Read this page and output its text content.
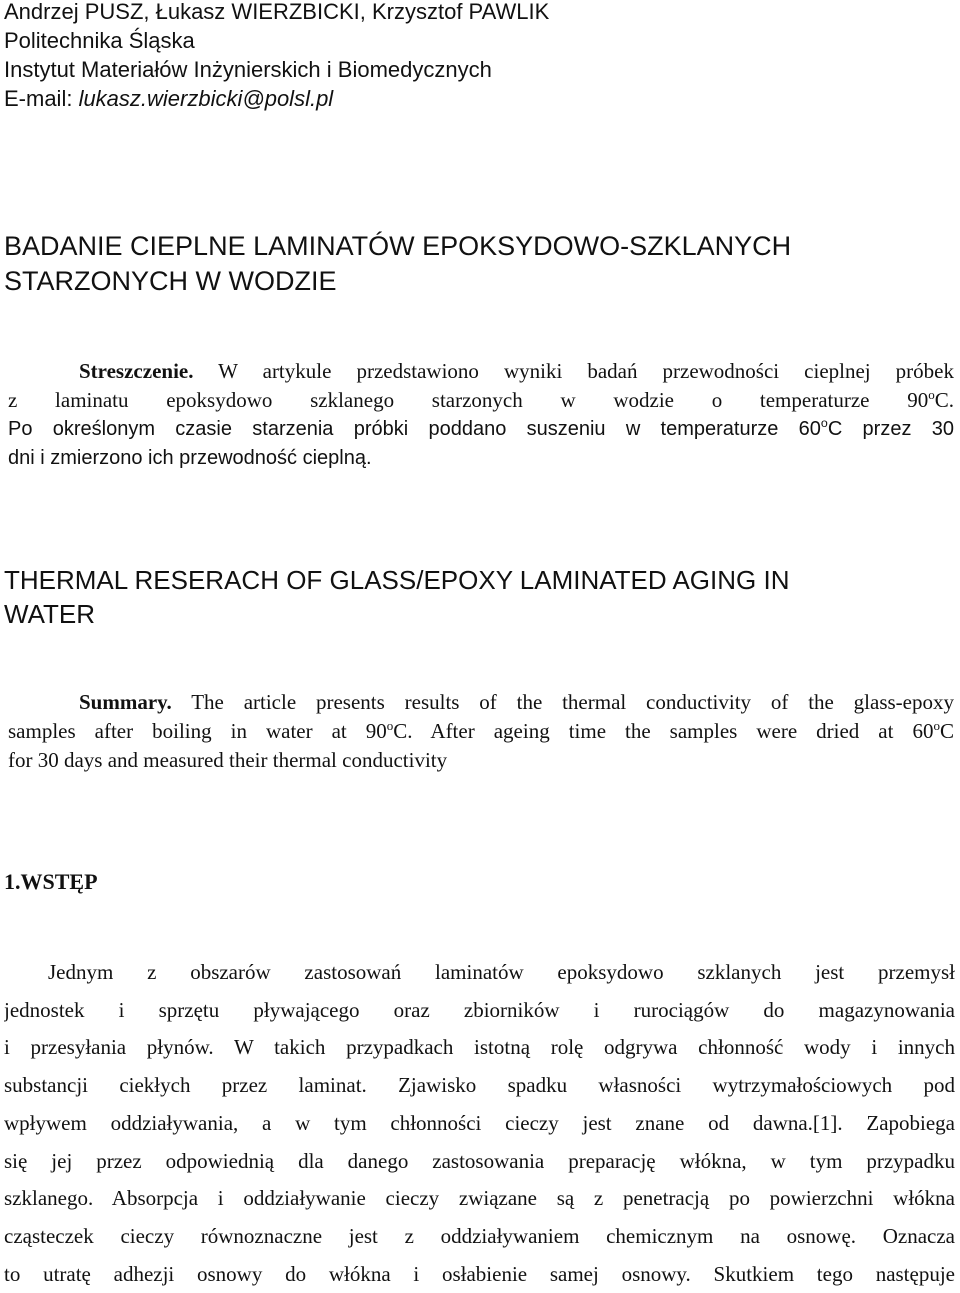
Andrzej PUSZ, Łukasz WIERZBICKI, Krzysztof PAWLIK
Politechnika Śląska
Instytut Materiałów Inżynierskich i Biomedycznych
E-mail: lukasz.wierzbicki@polsl.pl
BADANIE CIEPLNE LAMINATÓW EPOKSYDOWO-SZKLANYCH
STARZONYCH W WODZIE

Streszczenie. W artykule przedstawiono wyniki badań przewodności cieplnej próbek
z laminatu epoksydowo szklanego starzonych w wodzie o temperaturze 90$^o$C.
Po określonym czasie starzenia próbki poddano suszeniu w temperaturze 60$^o$C przez 30
dni i zmierzono ich przewodność cieplną.

THERMAL RESERACH OF GLASS/EPOXY LAMINATED AGING IN
WATER

Summary. The article presents results of the thermal conductivity of the glass-epoxy
samples after boiling in water at 90$^o$C. After ageing time the samples were dried at 60$^o$C
for 30 days and measured their thermal conductivity

1.WSTĘP
Jednym z obszarów zastosowań laminatów epoksydowo szklanych jest przemysł
jednostek i sprzętu pływającego oraz zbiorników i rurociągów do magazynowania
i przesyłania płynów. W takich przypadkach istotną rolę odgrywa chłonność wody i innych
substancji ciekłych przez laminat. Zjawisko spadku własności wytrzymałościowych pod
wpływem oddziaływania, a w tym chłonności cieczy jest znane od dawna.[1]. Zapobiega
się jej przez odpowiednią dla danego zastosowania preparację włókna, w tym przypadku
szklanego. Absorpcja i oddziaływanie cieczy związane są z penetracją po powierzchni włókna
cząsteczek cieczy równoznaczne jest z oddziaływaniem chemicznym na osnowę. Oznacza
to utratę adhezji osnowy do włókna i osłabienie samej osnowy. Skutkiem tego następuje
